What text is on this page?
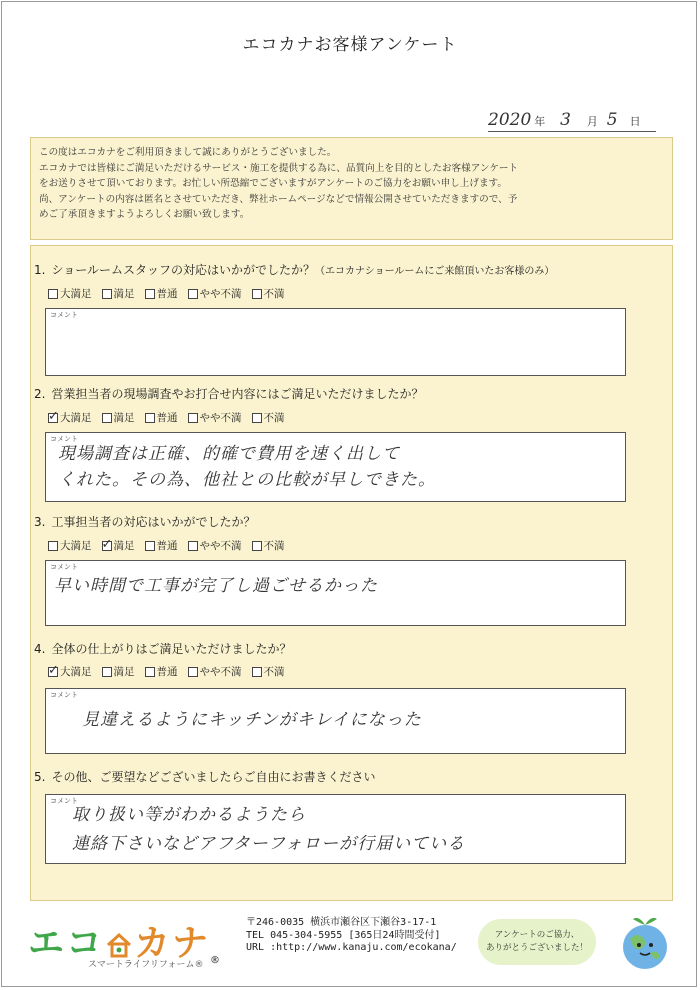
エコカナお客様アンケート
2020 年 3 月 5 日
この度はエコカナをご利用頂きまして誠にありがとうございました。
エコカナでは皆様にご満足いただけるサービス・施工を提供する為に、品質向上を目的としたお客様アンケート
をお送りさせて頂いております。お忙しい所恐縮でございますがアンケートのご協力をお願い申し上げます。
尚、アンケートの内容は匿名とさせていただき、弊社ホームページなどで情報公開させていただきますので、予
めご了承頂きますようよろしくお願い致します。
1. ショールームスタッフの対応はいかがでしたか？（エコカナショールームにご来館頂いたお客様のみ）
大満足 満足 普通 やや不満 不満
コメント
2. 営業担当者の現場調査やお打合せ内容にはご満足いただけましたか？
✓ 大満足 満足 普通 やや不満 不満
コメント
現場調査は正確、的確で費用を速く出して
くれた。その為、他社との比較が早しできた。
3. 工事担当者の対応はいかがでしたか？
大満足 ✓ 満足 普通 やや不満 不満
コメント
早い時間で工事が完了し過ごせるかった
4. 全体の仕上がりはご満足いただけましたか？
✓ 大満足 満足 普通 やや不満 不満
コメント
見違えるようにキッチンがキレイになった
5. その他、ご要望などございましたらご自由にお書きください
コメント
取り扱い等がわかるようたら
連絡下さいなどアフターフォローが行届いている
エコ カナ®
スマートライフリフォーム®
〒246-0035 横浜市瀬谷区下瀬谷3-17-1
TEL 045-304-5955 [365日24時間受付]
URL :http://www.kanaju.com/ecokana/
アンケートのご協力、
ありがとうございました！
